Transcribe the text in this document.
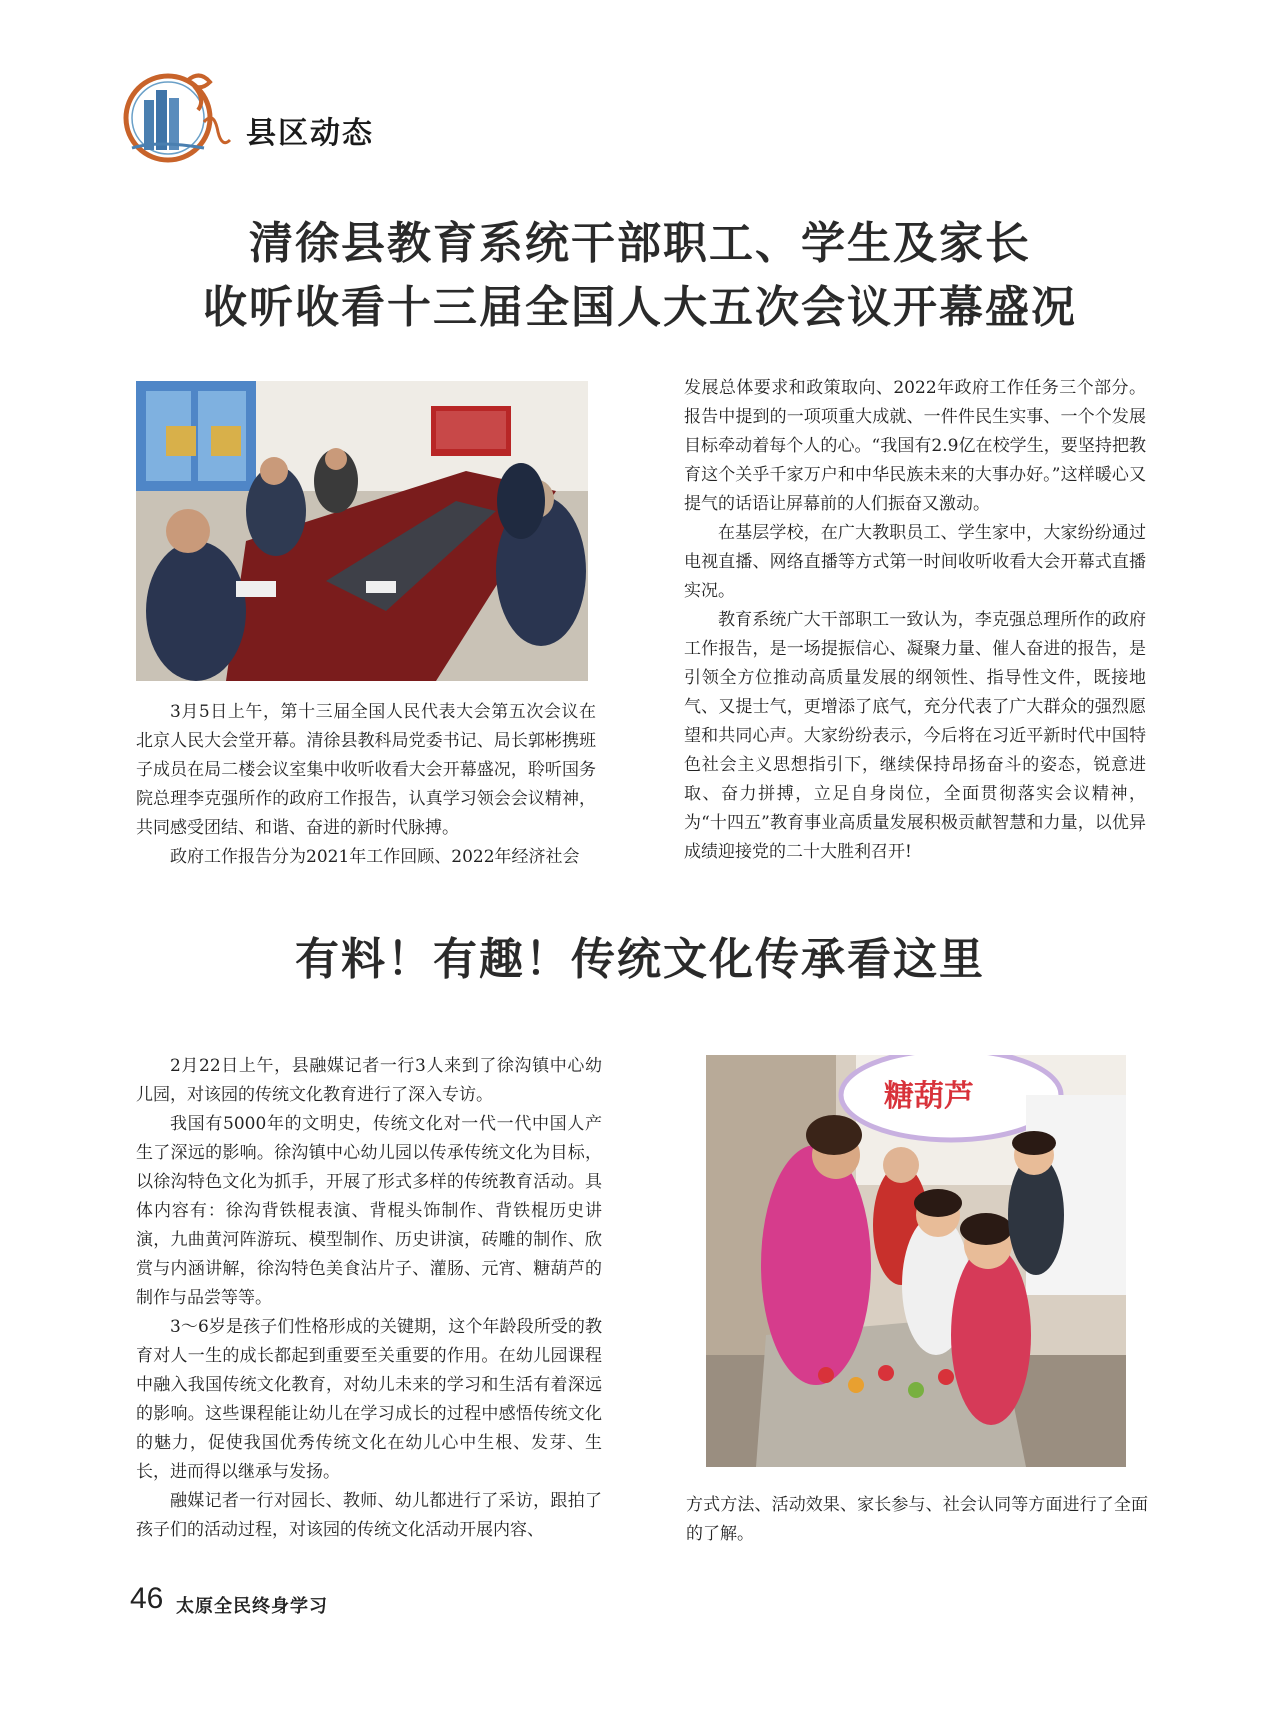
县区动态
清徐县教育系统干部职工、学生及家长
收听收看十三届全国人大五次会议开幕盛况

3月5日上午，第十三届全国人民代表大会第五次会议在北京人民大会堂开幕。清徐县教科局党委书记、局长郭彬携班子成员在局二楼会议室集中收听收看大会开幕盛况，聆听国务院总理李克强所作的政府工作报告，认真学习领会会议精神，共同感受团结、和谐、奋进的新时代脉搏。

政府工作报告分为2021年工作回顾、2022年经济社会

发展总体要求和政策取向、2022年政府工作任务三个部分。报告中提到的一项项重大成就、一件件民生实事、一个个发展目标牵动着每个人的心。“我国有2.9亿在校学生，要坚持把教育这个关乎千家万户和中华民族未来的大事办好。”这样暖心又提气的话语让屏幕前的人们振奋又激动。

在基层学校，在广大教职员工、学生家中，大家纷纷通过电视直播、网络直播等方式第一时间收听收看大会开幕式直播实况。

教育系统广大干部职工一致认为，李克强总理所作的政府工作报告，是一场提振信心、凝聚力量、催人奋进的报告，是引领全方位推动高质量发展的纲领性、指导性文件，既接地气、又提士气，更增添了底气，充分代表了广大群众的强烈愿望和共同心声。大家纷纷表示，今后将在习近平新时代中国特色社会主义思想指引下，继续保持昂扬奋斗的姿态，锐意进取、奋力拼搏，立足自身岗位，全面贯彻落实会议精神，为“十四五”教育事业高质量发展积极贡献智慧和力量，以优异成绩迎接党的二十大胜利召开!

有料！有趣！传统文化传承看这里

2月22日上午，县融媒记者一行3人来到了徐沟镇中心幼儿园，对该园的传统文化教育进行了深入专访。

我国有5000年的文明史，传统文化对一代一代中国人产生了深远的影响。徐沟镇中心幼儿园以传承传统文化为目标，以徐沟特色文化为抓手，开展了形式多样的传统教育活动。具体内容有：徐沟背铁棍表演、背棍头饰制作、背铁棍历史讲演，九曲黄河阵游玩、模型制作、历史讲演，砖雕的制作、欣赏与内涵讲解，徐沟特色美食沾片子、灌肠、元宵、糖葫芦的制作与品尝等等。

3～6岁是孩子们性格形成的关键期，这个年龄段所受的教育对人一生的成长都起到重要至关重要的作用。在幼儿园课程中融入我国传统文化教育，对幼儿未来的学习和生活有着深远的影响。这些课程能让幼儿在学习成长的过程中感悟传统文化的魅力，促使我国优秀传统文化在幼儿心中生根、发芽、生长，进而得以继承与发扬。

融媒记者一行对园长、教师、幼儿都进行了采访，跟拍了孩子们的活动过程，对该园的传统文化活动开展内容、

糖葫芦

方式方法、活动效果、家长参与、社会认同等方面进行了全面的了解。

46 太原全民终身学习
